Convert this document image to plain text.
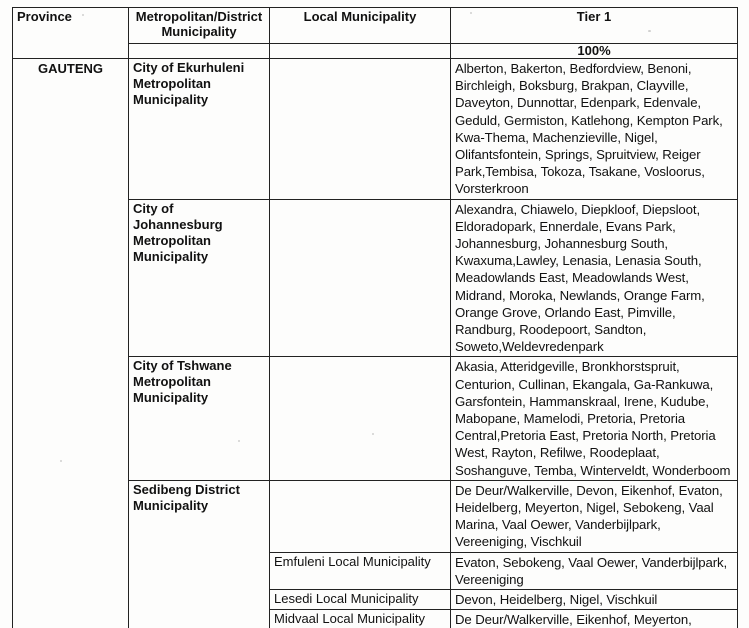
Province	Metropolitan/District Municipality	Local Municipality	Tier 1
			100%
GAUTENG	City of Ekurhuleni Metropolitan Municipality		Alberton, Bakerton, Bedfordview, Benoni, Birchleigh, Boksburg, Brakpan, Clayville, Daveyton, Dunnottar, Edenpark, Edenvale, Geduld, Germiston, Katlehong, Kempton Park, Kwa-Thema, Machenzieville, Nigel, Olifantsfontein, Springs, Spruitview, Reiger Park,Tembisa, Tokoza, Tsakane, Vosloorus, Vorsterkroon
	City of Johannesburg Metropolitan Municipality		Alexandra, Chiawelo, Diepkloof, Diepsloot, Eldoradopark, Ennerdale, Evans Park, Johannesburg, Johannesburg South, Kwaxuma,Lawley, Lenasia, Lenasia South, Meadowlands East, Meadowlands West, Midrand, Moroka, Newlands, Orange Farm, Orange Grove, Orlando East, Pimville, Randburg, Roodepoort, Sandton, Soweto,Weldevredenpark
	City of Tshwane Metropolitan Municipality		Akasia, Atteridgeville, Bronkhorstspruit, Centurion, Cullinan, Ekangala, Ga-Rankuwa, Garsfontein, Hammanskraal, Irene, Kudube, Mabopane, Mamelodi, Pretoria, Pretoria Central,Pretoria East, Pretoria North, Pretoria West, Rayton, Refilwe, Roodeplaat, Soshanguve, Temba, Winterveldt, Wonderboom
	Sedibeng District Municipality		De Deur/Walkerville, Devon, Eikenhof, Evaton, Heidelberg, Meyerton, Nigel, Sebokeng, Vaal Marina, Vaal Oewer, Vanderbijlpark, Vereeniging, Vischkuil
		Emfuleni Local Municipality	Evaton, Sebokeng, Vaal Oewer, Vanderbijlpark, Vereeniging
		Lesedi Local Municipality	Devon, Heidelberg, Nigel, Vischkuil
		Midvaal Local Municipality	De Deur/Walkerville, Eikenhof, Meyerton,
